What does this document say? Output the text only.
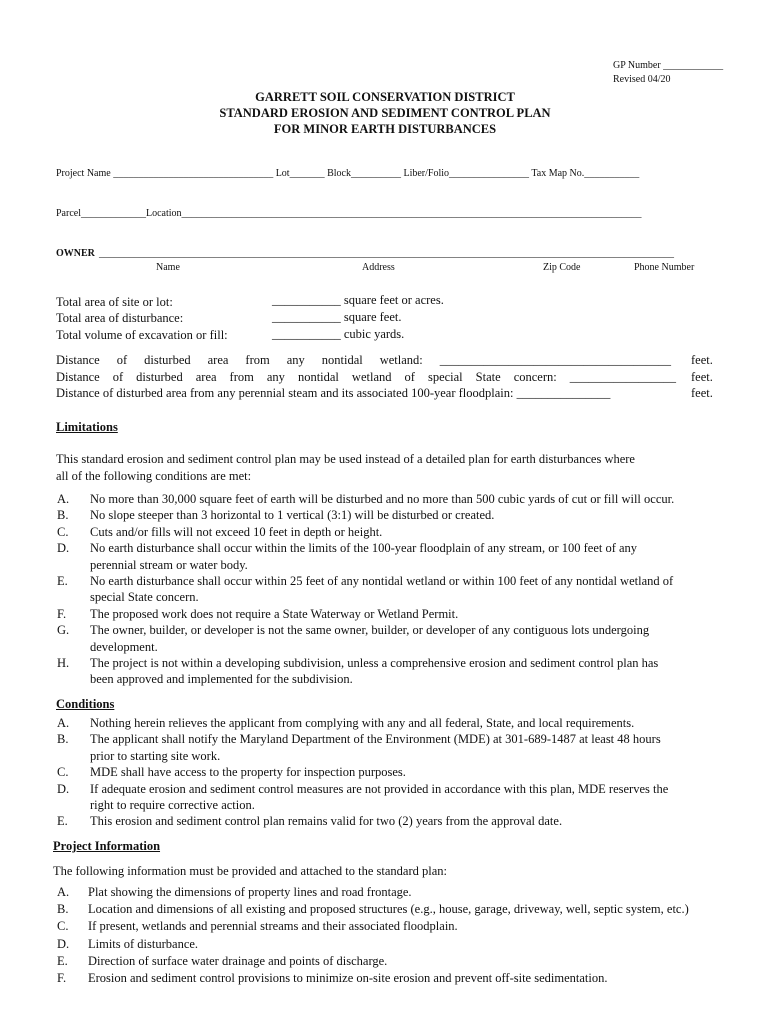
GP Number ____________
Revised 04/20
GARRETT SOIL CONSERVATION DISTRICT
STANDARD EROSION AND SEDIMENT CONTROL PLAN
FOR MINOR EARTH DISTURBANCES
Project Name ________________________________ Lot_______ Block__________ Liber/Folio________________ Tax Map No.___________
Parcel_____________Location____________________________________________________________________________________________
OWNER ___________________________________________________________________________________________________________________
Name	Address	Zip Code	Phone Number
Total area of site or lot:	___________ square feet or acres.
Total area of disturbance:	___________ square feet.
Total volume of excavation or fill:	___________ cubic yards.
Distance of disturbed area from any nontidal wetland: _____________________________________ feet.
Distance of disturbed area from any nontidal wetland of special State concern: _________________ feet.
Distance of disturbed area from any perennial steam and its associated 100-year floodplain: _______________	feet.
Limitations
This standard erosion and sediment control plan may be used instead of a detailed plan for earth disturbances where
all of the following conditions are met:
A. No more than 30,000 square feet of earth will be disturbed and no more than 500 cubic yards of cut or fill will occur.
B. No slope steeper than 3 horizontal to 1 vertical (3:1) will be disturbed or created.
C. Cuts and/or fills will not exceed 10 feet in depth or height.
D. No earth disturbance shall occur within the limits of the 100-year floodplain of any stream, or 100 feet of any
perennial stream or water body.
E. No earth disturbance shall occur within 25 feet of any nontidal wetland or within 100 feet of any nontidal wetland of
special State concern.
F. The proposed work does not require a State Waterway or Wetland Permit.
G. The owner, builder, or developer is not the same owner, builder, or developer of any contiguous lots undergoing
development.
H. The project is not within a developing subdivision, unless a comprehensive erosion and sediment control plan has
been approved and implemented for the subdivision.
Conditions
A. Nothing herein relieves the applicant from complying with any and all federal, State, and local requirements.
B. The applicant shall notify the Maryland Department of the Environment (MDE) at 301-689-1487 at least 48 hours
prior to starting site work.
C. MDE shall have access to the property for inspection purposes.
D. If adequate erosion and sediment control measures are not provided in accordance with this plan, MDE reserves the
right to require corrective action.
E. This erosion and sediment control plan remains valid for two (2) years from the approval date.
Project Information
The following information must be provided and attached to the standard plan:
A. Plat showing the dimensions of property lines and road frontage.
B. Location and dimensions of all existing and proposed structures (e.g., house, garage, driveway, well, septic system, etc.)
C. If present, wetlands and perennial streams and their associated floodplain.
D. Limits of disturbance.
E. Direction of surface water drainage and points of discharge.
F. Erosion and sediment control provisions to minimize on-site erosion and prevent off-site sedimentation.
